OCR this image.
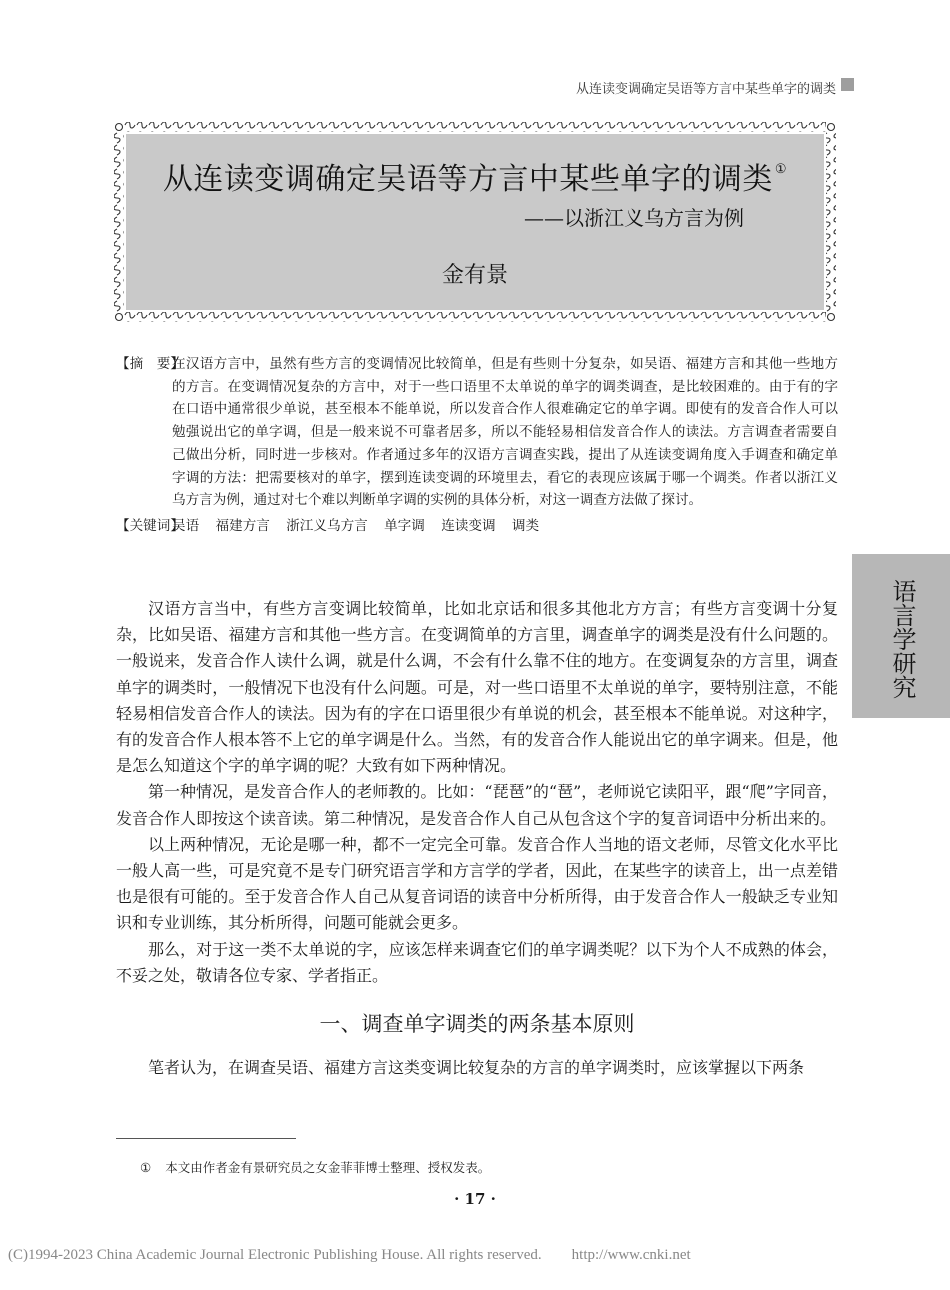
从连读变调确定吴语等方言中某些单字的调类
从连读变调确定吴语等方言中某些单字的调类 ①
——以浙江义乌方言为例
金有景
【摘　要】
在汉语方言中，虽然有些方言的变调情况比较简单，但是有些则十分复杂，如吴语、福建方言和其他一些地方的方言。在变调情况复杂的方言中，对于一些口语里不太单说的单字的调类调查，是比较困难的。由于有的字在口语中通常很少单说，甚至根本不能单说，所以发音合作人很难确定它的单字调。即使有的发音合作人可以勉强说出它的单字调，但是一般来说不可靠者居多，所以不能轻易相信发音合作人的读法。方言调查者需要自己做出分析，同时进一步核对。作者通过多年的汉语方言调查实践，提出了从连读变调角度入手调查和确定单字调的方法：把需要核对的单字，摆到连读变调的环境里去，看它的表现应该属于哪一个调类。作者以浙江义乌方言为例，通过对七个难以判断单字调的实例的具体分析，对这一调查方法做了探讨。
【关键词】
吴语 福建方言 浙江义乌方言 单字调 连读变调 调类

汉语方言当中，有些方言变调比较简单，比如北京话和很多其他北方方言；有些方言变调十分复杂，比如吴语、福建方言和其他一些方言。在变调简单的方言里，调查单字的调类是没有什么问题的。一般说来，发音合作人读什么调，就是什么调，不会有什么靠不住的地方。在变调复杂的方言里，调查单字的调类时，一般情况下也没有什么问题。可是，对一些口语里不太单说的单字，要特别注意，不能轻易相信发音合作人的读法。因为有的字在口语里很少有单说的机会，甚至根本不能单说。对这种字，有的发音合作人根本答不上它的单字调是什么。当然，有的发音合作人能说出它的单字调来。但是，他是怎么知道这个字的单字调的呢？大致有如下两种情况。

第一种情况，是发音合作人的老师教的。比如：“琵琶”的“琶”，老师说它读阳平，跟“爬”字同音，发音合作人即按这个读音读。第二种情况，是发音合作人自己从包含这个字的复音词语中分析出来的。

以上两种情况，无论是哪一种，都不一定完全可靠。发音合作人当地的语文老师，尽管文化水平比一般人高一些，可是究竟不是专门研究语言学和方言学的学者，因此，在某些字的读音上，出一点差错也是很有可能的。至于发音合作人自己从复音词语的读音中分析所得，由于发音合作人一般缺乏专业知识和专业训练，其分析所得，问题可能就会更多。

那么，对于这一类不太单说的字，应该怎样来调查它们的单字调类呢？以下为个人不成熟的体会，不妥之处，敬请各位专家、学者指正。

一、调查单字调类的两条基本原则

笔者认为，在调查吴语、福建方言这类变调比较复杂的方言的单字调类时，应该掌握以下两条

① 本文由作者金有景研究员之女金菲菲博士整理、授权发表。
· 17 ·
语言学研究
(C)1994-2023 China Academic Journal Electronic Publishing House. All rights reserved.　　http://www.cnki.net
